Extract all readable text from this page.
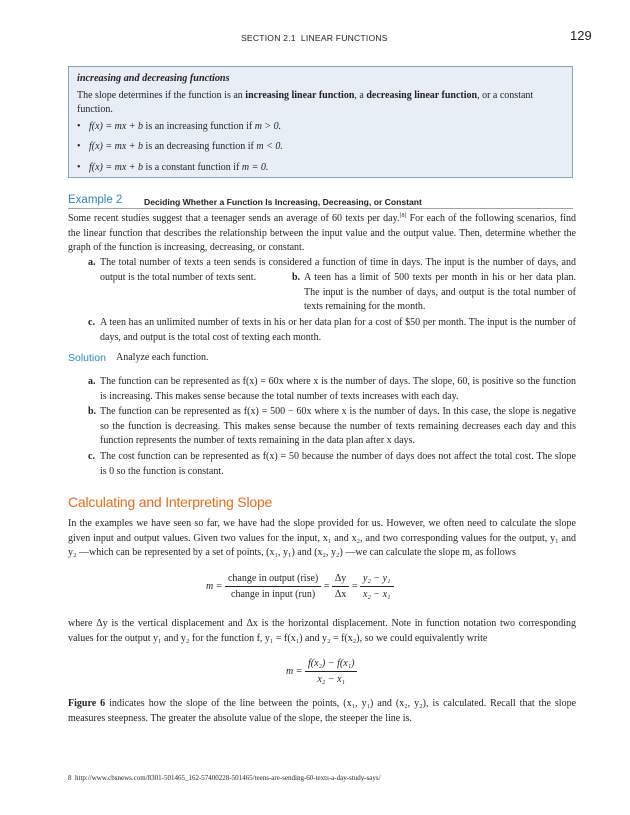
SECTION 2.1 LINEAR FUNCTIONS	129
increasing and decreasing functions
The slope determines if the function is an increasing linear function, a decreasing linear function, or a constant function.
• f(x) = mx + b is an increasing function if m > 0.
• f(x) = mx + b is an decreasing function if m < 0.
• f(x) = mx + b is a constant function if m = 0.
Example 2	Deciding Whether a Function Is Increasing, Decreasing, or Constant
Some recent studies suggest that a teenager sends an average of 60 texts per day.[8] For each of the following scenarios, find the linear function that describes the relationship between the input value and the output value. Then, determine whether the graph of the function is increasing, decreasing, or constant.
a. The total number of texts a teen sends is considered a function of time in days. The input is the number of days, and output is the total number of texts sent.	b. A teen has a limit of 500 texts per month in his or her data plan. The input is the number of days, and output is the total number of texts remaining for the month.
c. A teen has an unlimited number of texts in his or her data plan for a cost of $50 per month. The input is the number of days, and output is the total cost of texting each month.
Solution Analyze each function.
a. The function can be represented as f(x) = 60x where x is the number of days. The slope, 60, is positive so the function is increasing. This makes sense because the total number of texts increases with each day.
b. The function can be represented as f(x) = 500 − 60x where x is the number of days. In this case, the slope is negative so the function is decreasing. This makes sense because the number of texts remaining decreases each day and this function represents the number of texts remaining in the data plan after x days.
c. The cost function can be represented as f(x) = 50 because the number of days does not affect the total cost. The slope is 0 so the function is constant.
Calculating and Interpreting Slope
In the examples we have seen so far, we have had the slope provided for us. However, we often need to calculate the slope given input and output values. Given two values for the input, x₁ and x₂, and two corresponding values for the output, y₁ and y₂ —which can be represented by a set of points, (x₁, y₁) and (x₂, y₂) —we can calculate the slope m, as follows
$m = \frac{\text{change in output (rise)}}{\text{change in input (run)}} = \frac{\Delta y}{\Delta x} = \frac{\text{y₂ − y₁}}{\text{x₂ − x₁}}$
where Δy is the vertical displacement and Δx is the horizontal displacement. Note in function notation two corresponding values for the output y₁ and y₂ for the function f, y₁ = f(x₁) and y₂ = f(x₂), so we could equivalently write
$m = \frac{\text{f(x₂) − f(x₁)}}{\text{x₂ − x₁}}$
Figure 6 indicates how the slope of the line between the points, (x₁, y₁) and (x₂, y₂), is calculated. Recall that the slope measures steepness. The greater the absolute value of the slope, the steeper the line is.
8 http://www.cbsnews.com/8301-501465_162-57400228-501465/teens-are-sending-60-texts-a-day-study-says/
